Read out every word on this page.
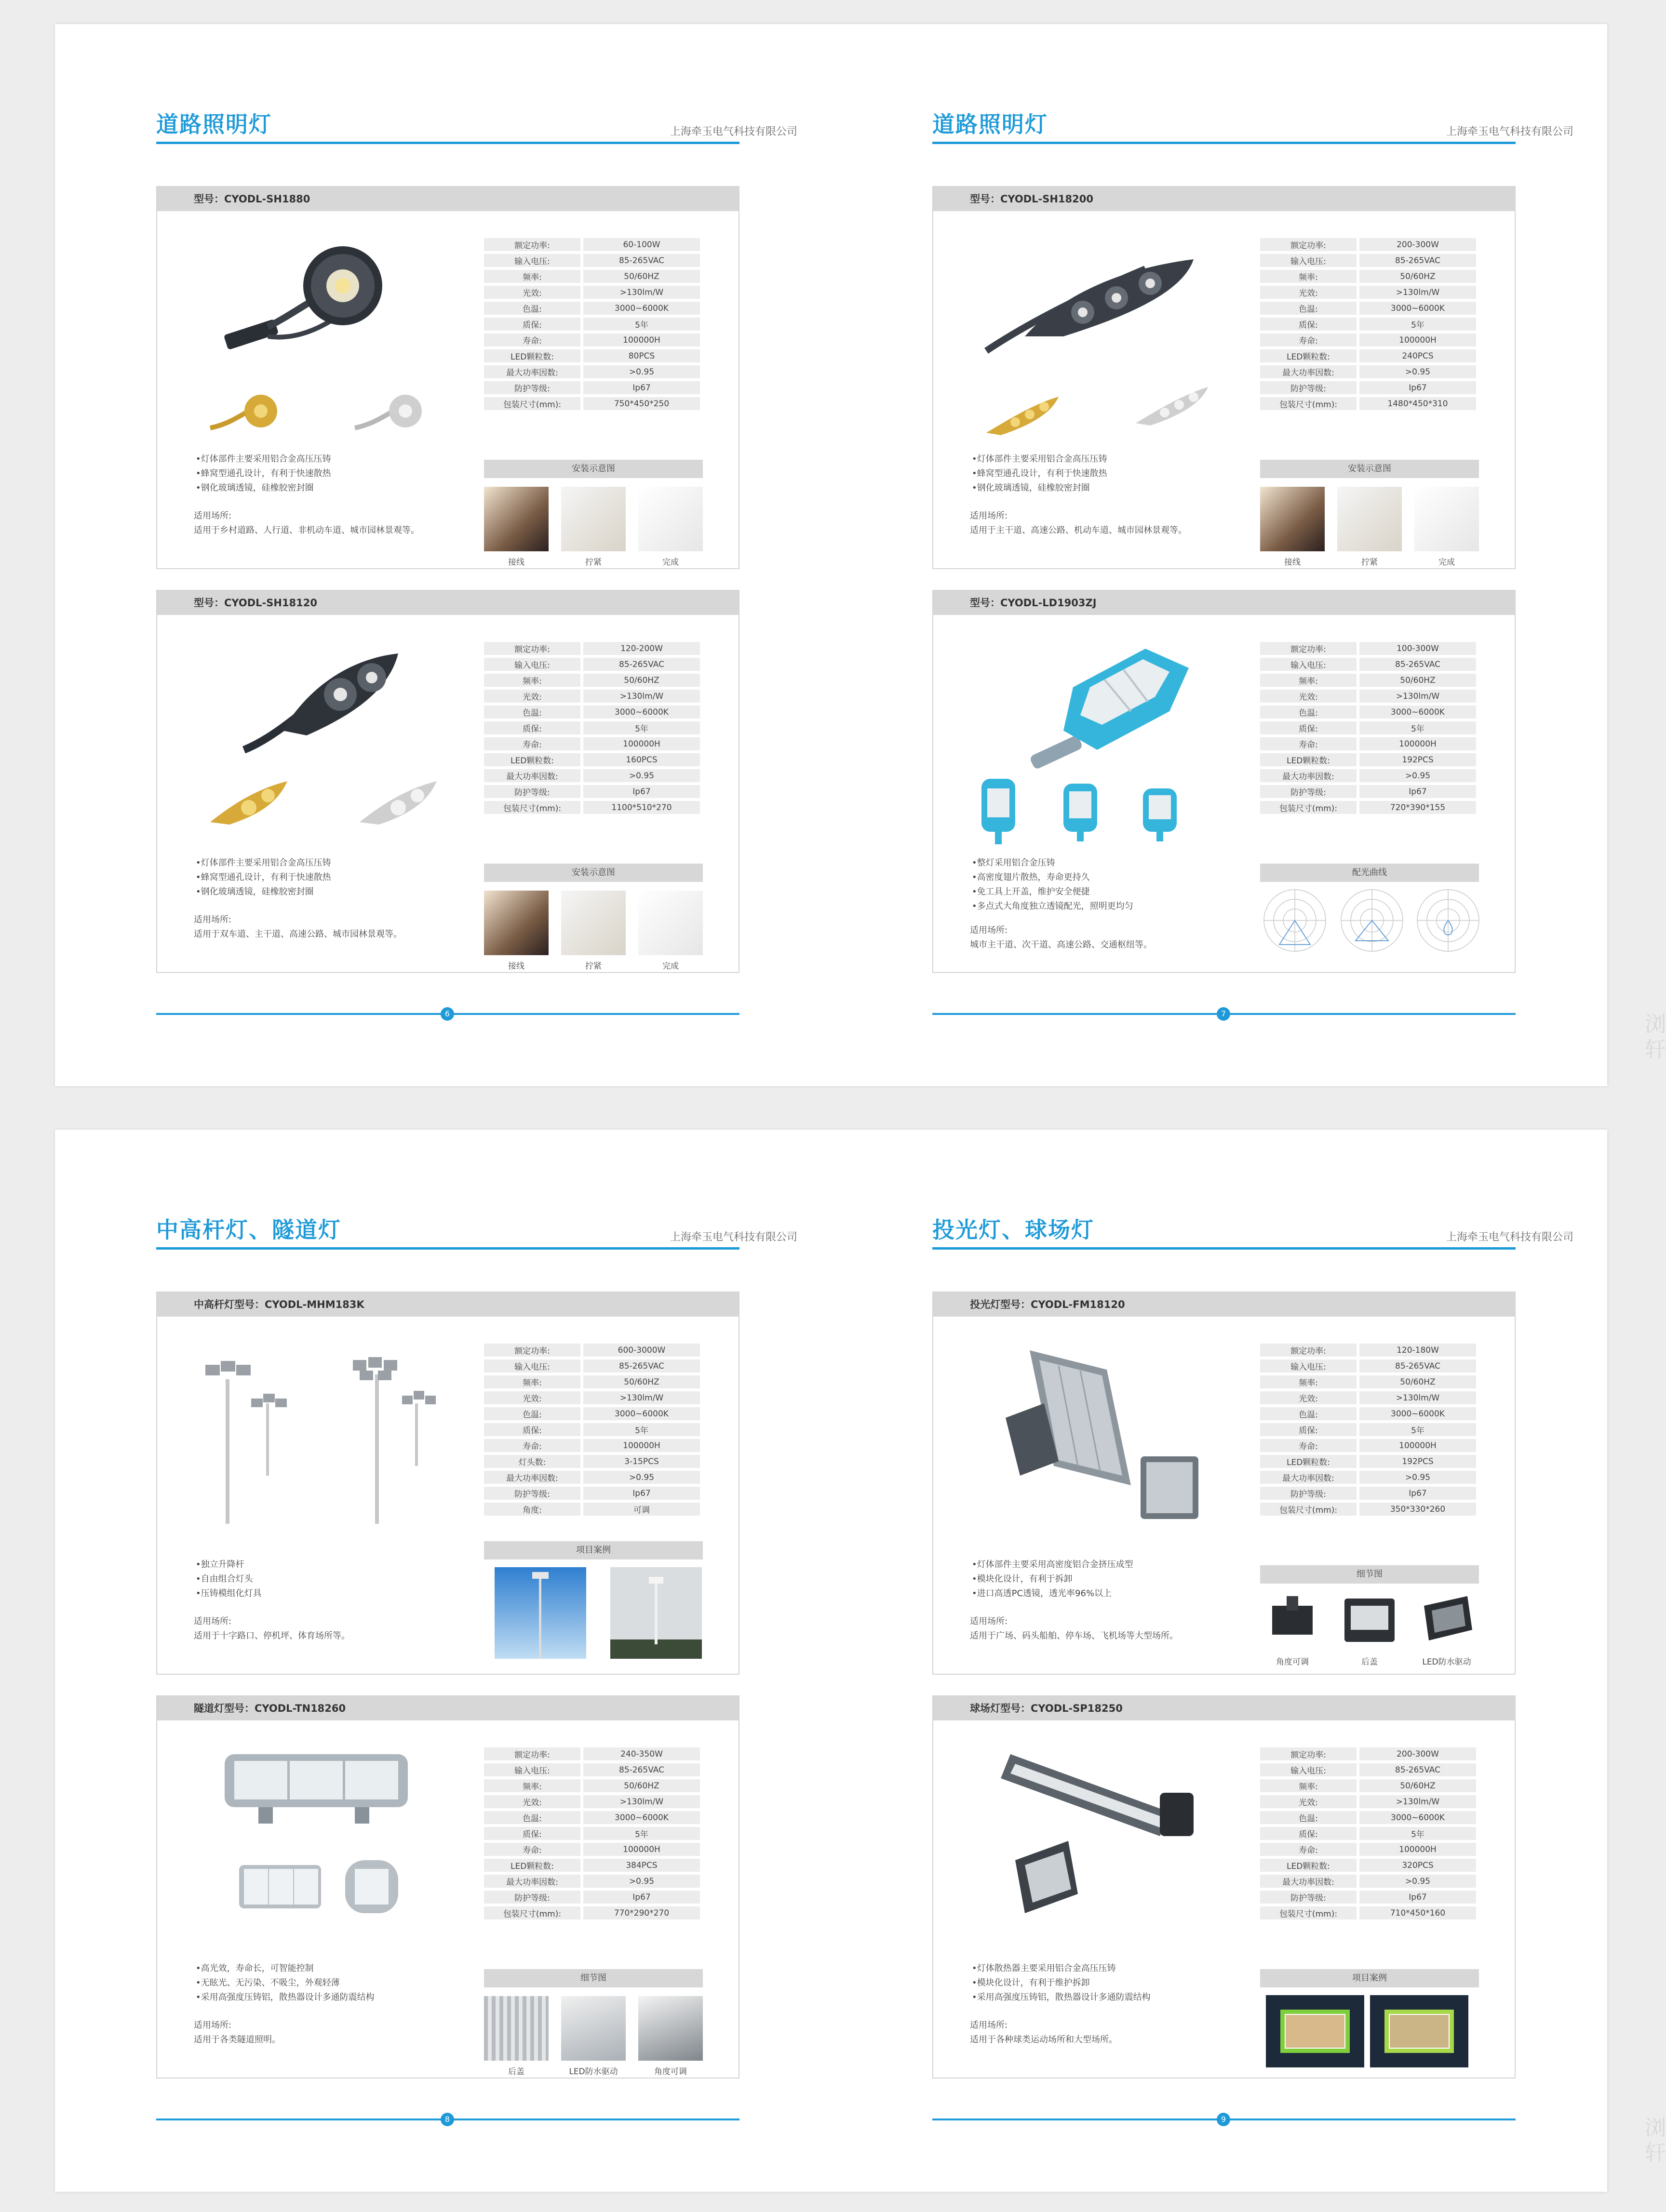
道路照明灯	上海牵玉电气科技有限公司
型号：CYODL-SH1880
额定功率:	60-100W
输入电压:	85-265VAC
频率:	50/60HZ
光效:	>130lm/W
色温:	3000~6000K
质保:	5年
寿命:	100000H
LED颗粒数:	80PCS
最大功率因数:	>0.95
防护等级:	Ip67
包装尺寸(mm):	750*450*250
安装示意图
接线	拧紧	完成
• 灯体部件主要采用铝合金高压压铸
• 蜂窝型通孔设计，有利于快速散热
• 钢化玻璃透镜，硅橡胶密封圈
适用场所:
适用于乡村道路、人行道、非机动车道、城市园林景观等。
型号：CYODL-SH18120
额定功率:	120-200W
输入电压:	85-265VAC
频率:	50/60HZ
光效:	>130lm/W
色温:	3000~6000K
质保:	5年
寿命:	100000H
LED颗粒数:	160PCS
最大功率因数:	>0.95
防护等级:	Ip67
包装尺寸(mm):	1100*510*270
安装示意图
接线	拧紧	完成
• 灯体部件主要采用铝合金高压压铸
• 蜂窝型通孔设计，有利于快速散热
• 钢化玻璃透镜，硅橡胶密封圈
适用场所:
适用于双车道、主干道、高速公路、城市园林景观等。
6
道路照明灯	上海牵玉电气科技有限公司
型号：CYODL-SH18200
额定功率:	200-300W
输入电压:	85-265VAC
频率:	50/60HZ
光效:	>130lm/W
色温:	3000~6000K
质保:	5年
寿命:	100000H
LED颗粒数:	240PCS
最大功率因数:	>0.95
防护等级:	Ip67
包装尺寸(mm):	1480*450*310
安装示意图
接线	拧紧	完成
• 灯体部件主要采用铝合金高压压铸
• 蜂窝型通孔设计，有利于快速散热
• 钢化玻璃透镜，硅橡胶密封圈
适用场所:
适用于主干道、高速公路、机动车道、城市园林景观等。
型号：CYODL-LD1903ZJ
额定功率:	100-300W
输入电压:	85-265VAC
频率:	50/60HZ
光效:	>130lm/W
色温:	3000~6000K
质保:	5年
寿命:	100000H
LED颗粒数:	192PCS
最大功率因数:	>0.95
防护等级:	Ip67
包装尺寸(mm):	720*390*155
配光曲线
• 整灯采用铝合金压铸
• 高密度翅片散热，寿命更持久
• 免工具上开盖，维护安全便捷
• 多点式大角度独立透镜配光，照明更均匀
适用场所:
城市主干道、次干道、高速公路、交通枢纽等。
7
中高杆灯、隧道灯	上海牵玉电气科技有限公司
中高杆灯型号：CYODL-MHM183K
额定功率:	600-3000W
输入电压:	85-265VAC
频率:	50/60HZ
光效:	>130lm/W
色温:	3000~6000K
质保:	5年
寿命:	100000H
灯头数:	3-15PCS
最大功率因数:	>0.95
防护等级:	Ip67
角度:	可调
项目案例
• 独立升降杆
• 自由组合灯头
• 压铸模组化灯具
适用场所:
适用于十字路口、停机坪、体育场所等。
隧道灯型号：CYODL-TN18260
额定功率:	240-350W
输入电压:	85-265VAC
频率:	50/60HZ
光效:	>130lm/W
色温:	3000~6000K
质保:	5年
寿命:	100000H
LED颗粒数:	384PCS
最大功率因数:	>0.95
防护等级:	Ip67
包装尺寸(mm):	770*290*270
细节图
后盖	LED防水驱动	角度可调
• 高光效，寿命长，可智能控制
• 无眩光、无污染、不吸尘，外观轻薄
• 采用高强度压铸铝，散热器设计多通防震结构
适用场所:
适用于各类隧道照明。
8
投光灯、球场灯	上海牵玉电气科技有限公司
投光灯型号：CYODL-FM18120
额定功率:	120-180W
输入电压:	85-265VAC
频率:	50/60HZ
光效:	>130lm/W
色温:	3000~6000K
质保:	5年
寿命:	100000H
LED颗粒数:	192PCS
最大功率因数:	>0.95
防护等级:	Ip67
包装尺寸(mm):	350*330*260
细节图
角度可调	后盖	LED防水驱动
• 灯体部件主要采用高密度铝合金挤压成型
• 模块化设计，有利于拆卸
• 进口高透PC透镜，透光率96%以上
适用场所:
适用于广场、码头船舶、停车场、飞机场等大型场所。
球场灯型号：CYODL-SP18250
额定功率:	200-300W
输入电压:	85-265VAC
频率:	50/60HZ
光效:	>130lm/W
色温:	3000~6000K
质保:	5年
寿命:	100000H
LED颗粒数:	320PCS
最大功率因数:	>0.95
防护等级:	Ip67
包装尺寸(mm):	710*450*160
项目案例
• 灯体散热器主要采用铝合金高压压铸
• 模块化设计，有利于维护拆卸
• 采用高强度压铸铝，散热器设计多通防震结构
适用场所:
适用于各种球类运动场所和大型场所。
9
浏 轩
浏 轩
